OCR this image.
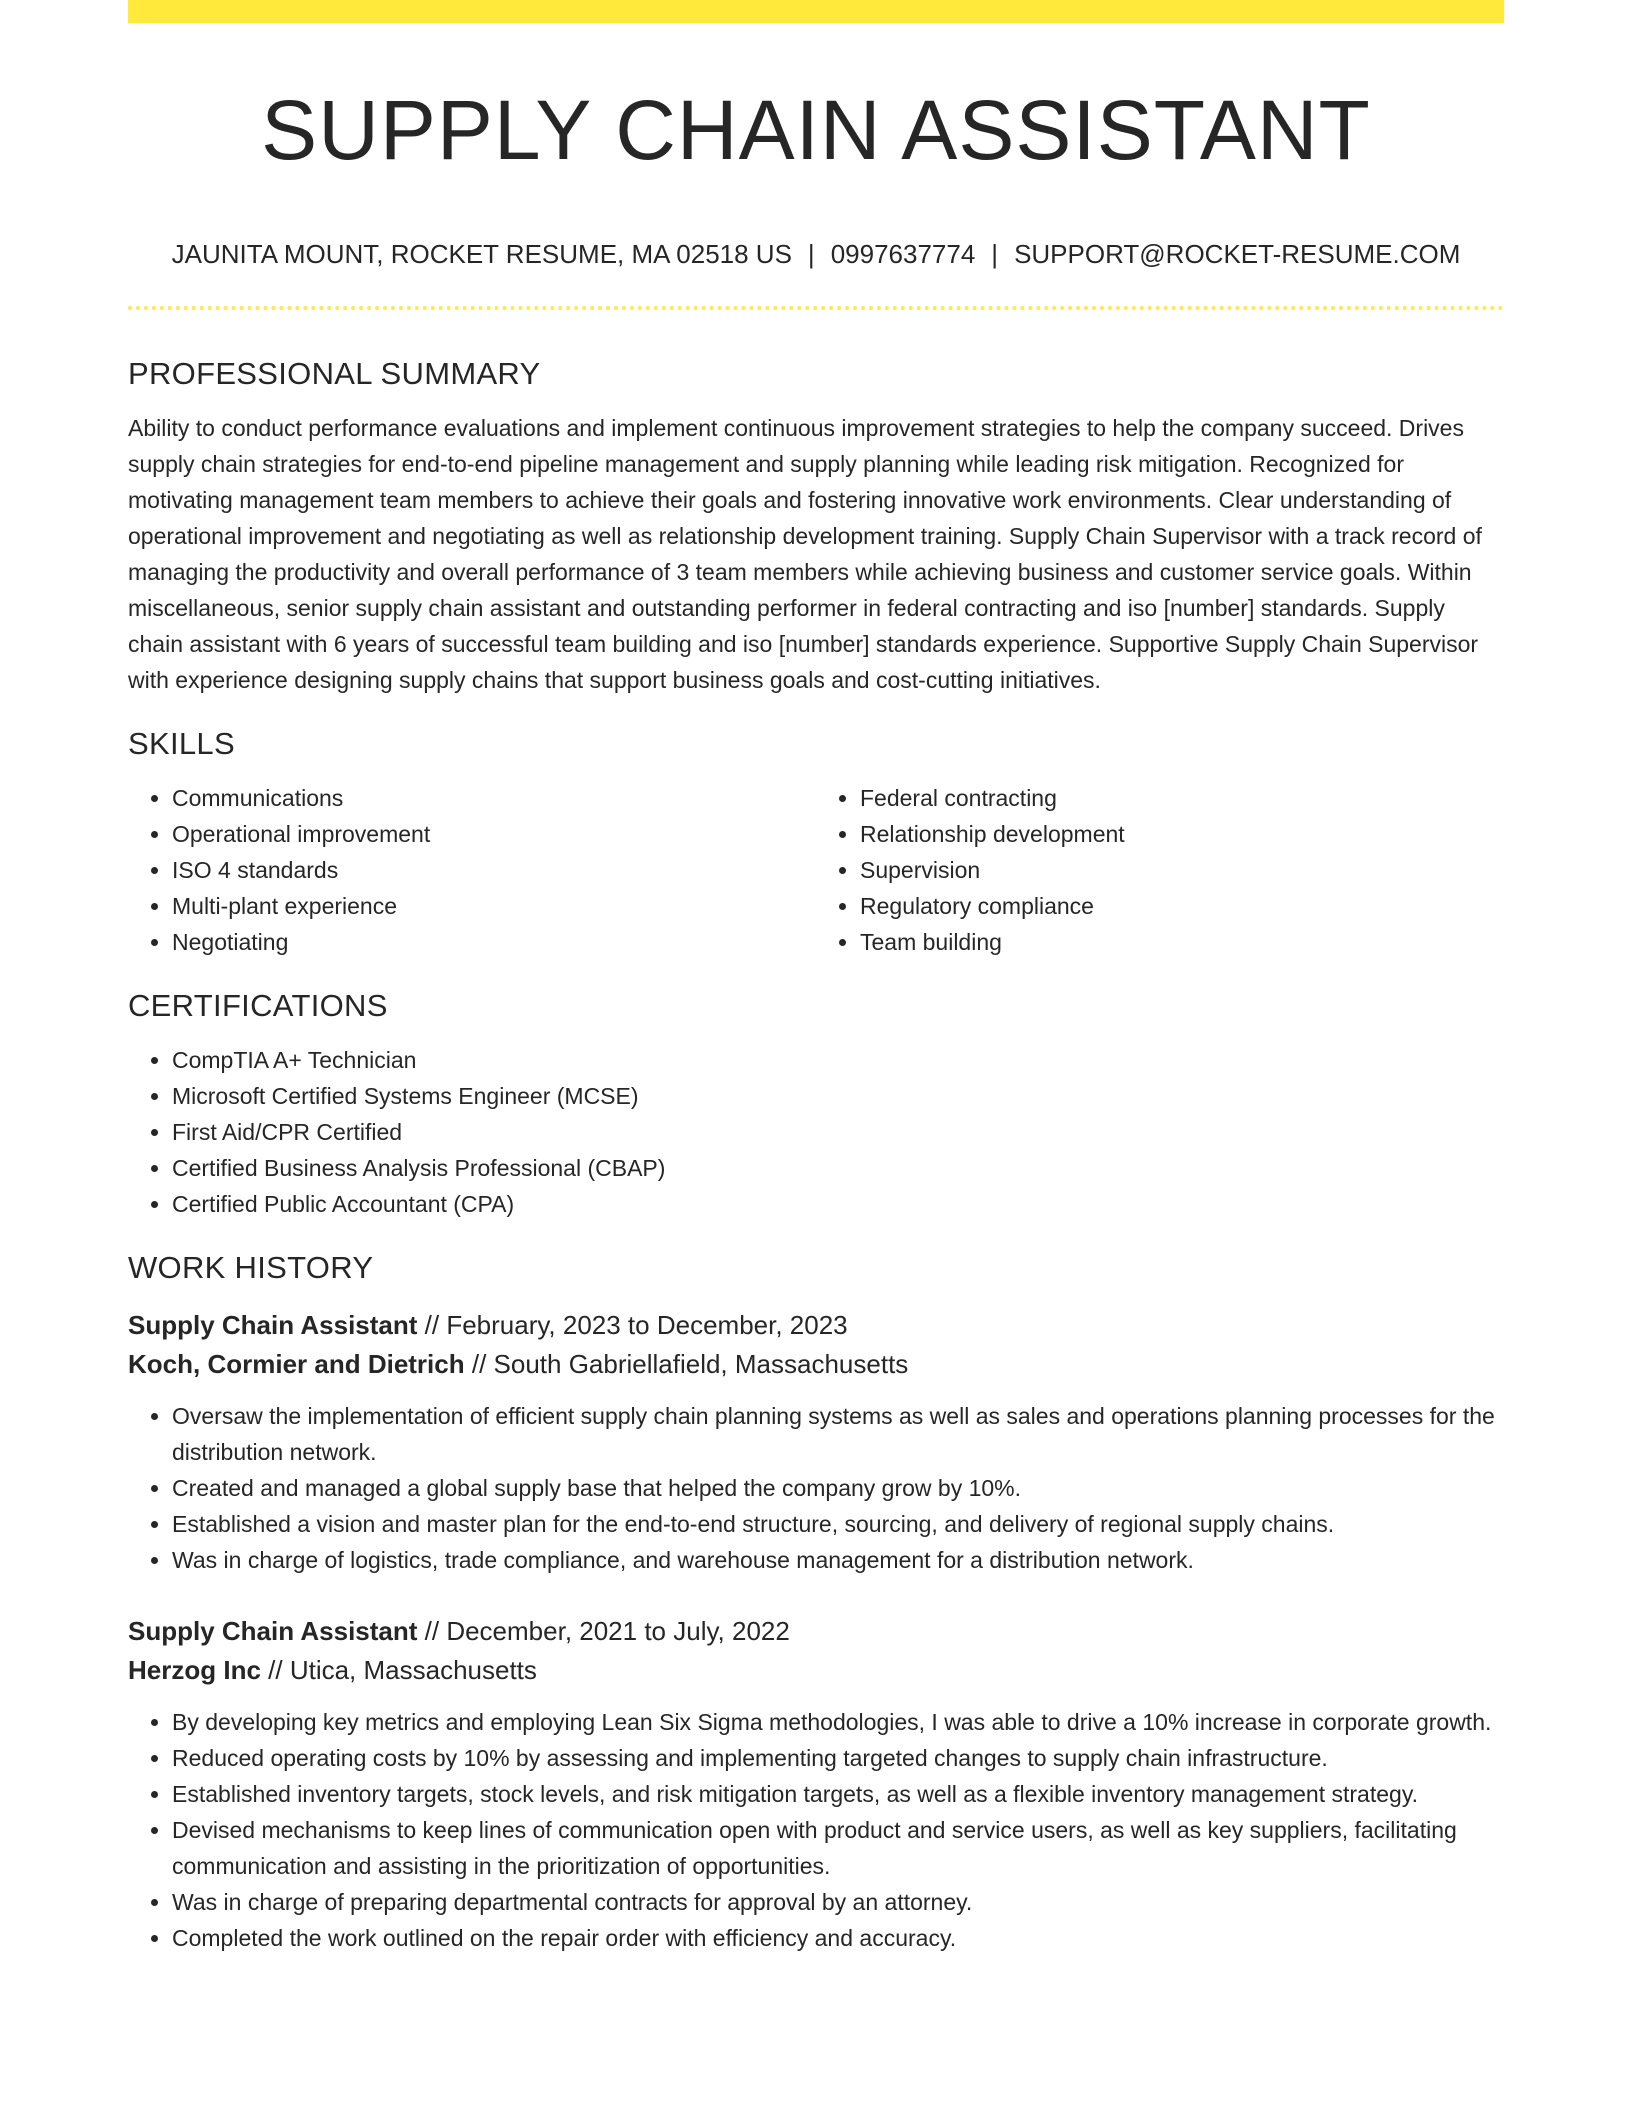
SUPPLY CHAIN ASSISTANT
JAUNITA MOUNT, ROCKET RESUME, MA 02518 US | 0997637774 | SUPPORT@ROCKET-RESUME.COM
PROFESSIONAL SUMMARY

Ability to conduct performance evaluations and implement continuous improvement strategies to help the company succeed. Drives supply chain strategies for end-to-end pipeline management and supply planning while leading risk mitigation. Recognized for motivating management team members to achieve their goals and fostering innovative work environments. Clear understanding of operational improvement and negotiating as well as relationship development training. Supply Chain Supervisor with a track record of managing the productivity and overall performance of 3 team members while achieving business and customer service goals. Within miscellaneous, senior supply chain assistant and outstanding performer in federal contracting and iso [number] standards. Supply chain assistant with 6 years of successful team building and iso [number] standards experience. Supportive Supply Chain Supervisor with experience designing supply chains that support business goals and cost-cutting initiatives.

SKILLS
• Communications
• Operational improvement
• ISO 4 standards
• Multi-plant experience
• Negotiating
• Federal contracting
• Relationship development
• Supervision
• Regulatory compliance
• Team building
CERTIFICATIONS
• CompTIA A+ Technician
• Microsoft Certified Systems Engineer (MCSE)
• First Aid/CPR Certified
• Certified Business Analysis Professional (CBAP)
• Certified Public Accountant (CPA)
WORK HISTORY
Supply Chain Assistant // February, 2023 to December, 2023
Koch, Cormier and Dietrich // South Gabriellafield, Massachusetts
• Oversaw the implementation of efficient supply chain planning systems as well as sales and operations planning processes for the distribution network.
• Created and managed a global supply base that helped the company grow by 10%.
• Established a vision and master plan for the end-to-end structure, sourcing, and delivery of regional supply chains.
• Was in charge of logistics, trade compliance, and warehouse management for a distribution network.
Supply Chain Assistant // December, 2021 to July, 2022
Herzog Inc // Utica, Massachusetts
• By developing key metrics and employing Lean Six Sigma methodologies, I was able to drive a 10% increase in corporate growth.
• Reduced operating costs by 10% by assessing and implementing targeted changes to supply chain infrastructure.
• Established inventory targets, stock levels, and risk mitigation targets, as well as a flexible inventory management strategy.
• Devised mechanisms to keep lines of communication open with product and service users, as well as key suppliers, facilitating communication and assisting in the prioritization of opportunities.
• Was in charge of preparing departmental contracts for approval by an attorney.
• Completed the work outlined on the repair order with efficiency and accuracy.
